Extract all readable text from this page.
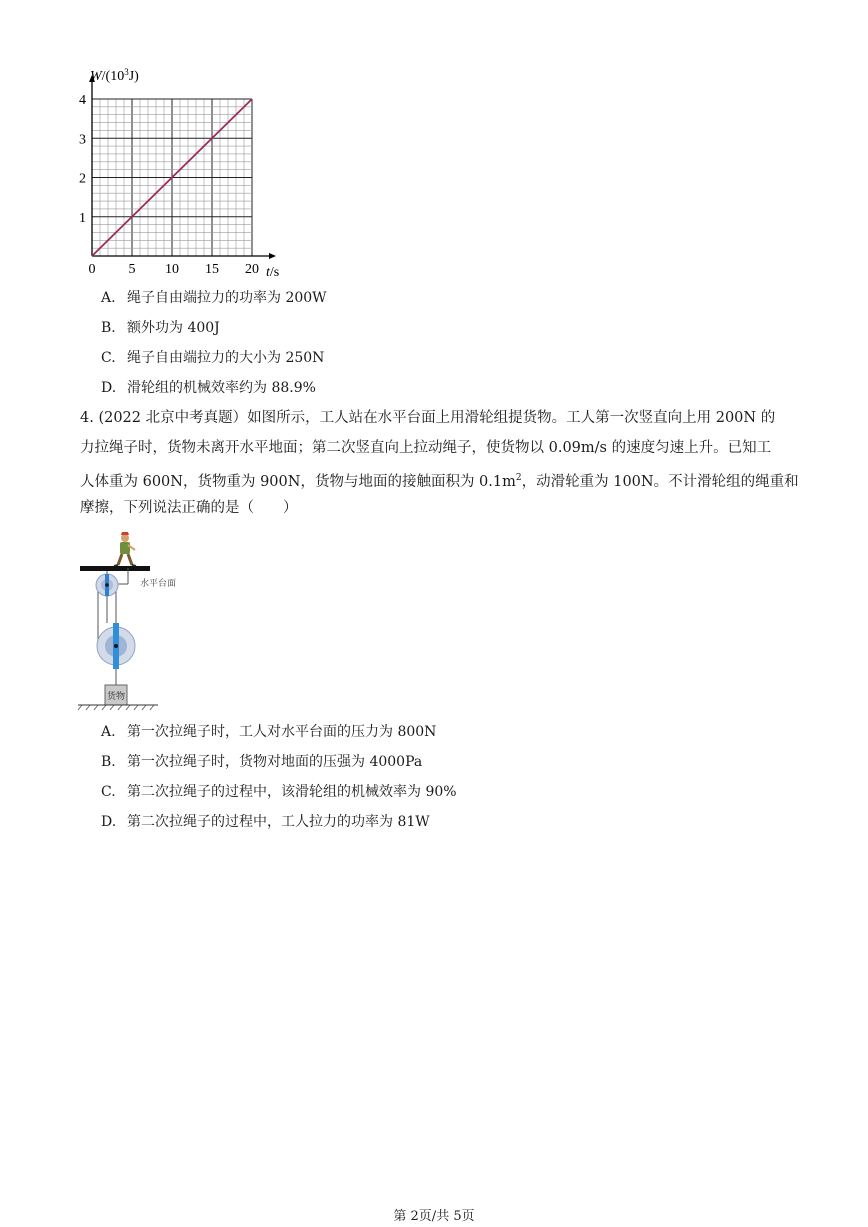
0 5 10 15 20
1
2
3
4
$W/(10^3J)$
t/s
A. 绳子自由端拉力的功率为 200W
B. 额外功为 400J
C. 绳子自由端拉力的大小为 250N
D. 滑轮组的机械效率约为 88.9%
4. (2022 北京中考真题）如图所示，工人站在水平台面上用滑轮组提货物。工人第一次竖直向上用 200N 的
力拉绳子时，货物未离开水平地面；第二次竖直向上拉动绳子，使货物以 0.09m/s 的速度匀速上升。已知工
人体重为 600N，货物重为 900N，货物与地面的接触面积为 $0.1m^2$，动滑轮重为 100N。不计滑轮组的绳重和
摩擦，下列说法正确的是（　　）
水平台面
货物
A. 第一次拉绳子时，工人对水平台面的压力为 800N
B. 第一次拉绳子时，货物对地面的压强为 4000Pa
C. 第二次拉绳子的过程中，该滑轮组的机械效率为 90%
D. 第二次拉绳子的过程中，工人拉力的功率为 81W
第 2页/共 5页
